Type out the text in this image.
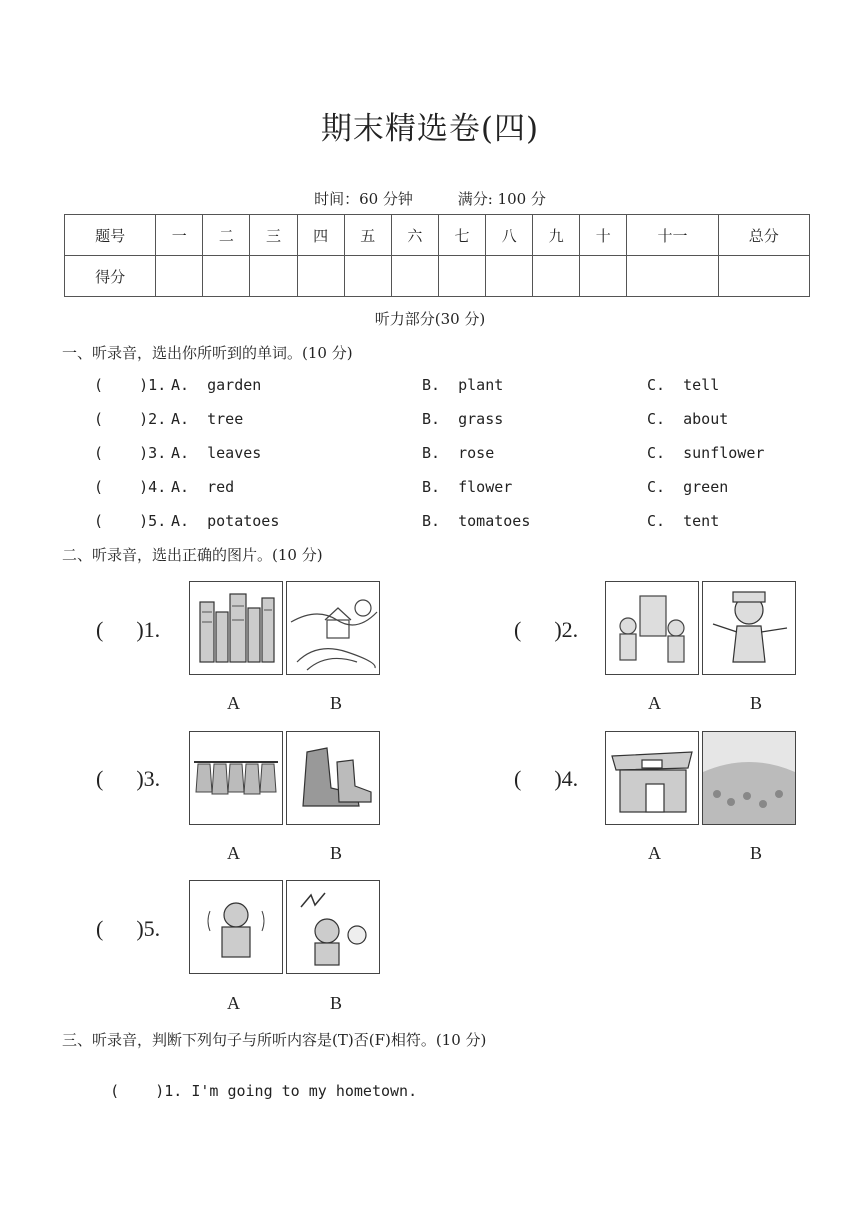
期末精选卷(四)
时间：60 分钟	满分: 100 分
题号	一	二	三	四	五	六	七	八	九	十	十一	总分
得分												
听力部分(30 分)
一、听录音，选出你所听到的单词。(10 分)
(    )1. A.  garden	B.  plant	C.  tell
(    )2. A.  tree	B.  grass	C.  about
(    )3. A.  leaves	B.  rose	C.  sunflower
(    )4. A.  red	B.  flower	C.  green
(    )5. A.  potatoes	B.  tomatoes	C.  tent
二、听录音，选出正确的图片。(10 分)
(      )1.
A	B
(      )2.
A	B
(      )3.
A	B
(      )4.
A	B
(      )5.
A	B
三、听录音，判断下列句子与所听内容是(T)否(F)相符。(10 分)

(    )1. I'm going to my hometown.
